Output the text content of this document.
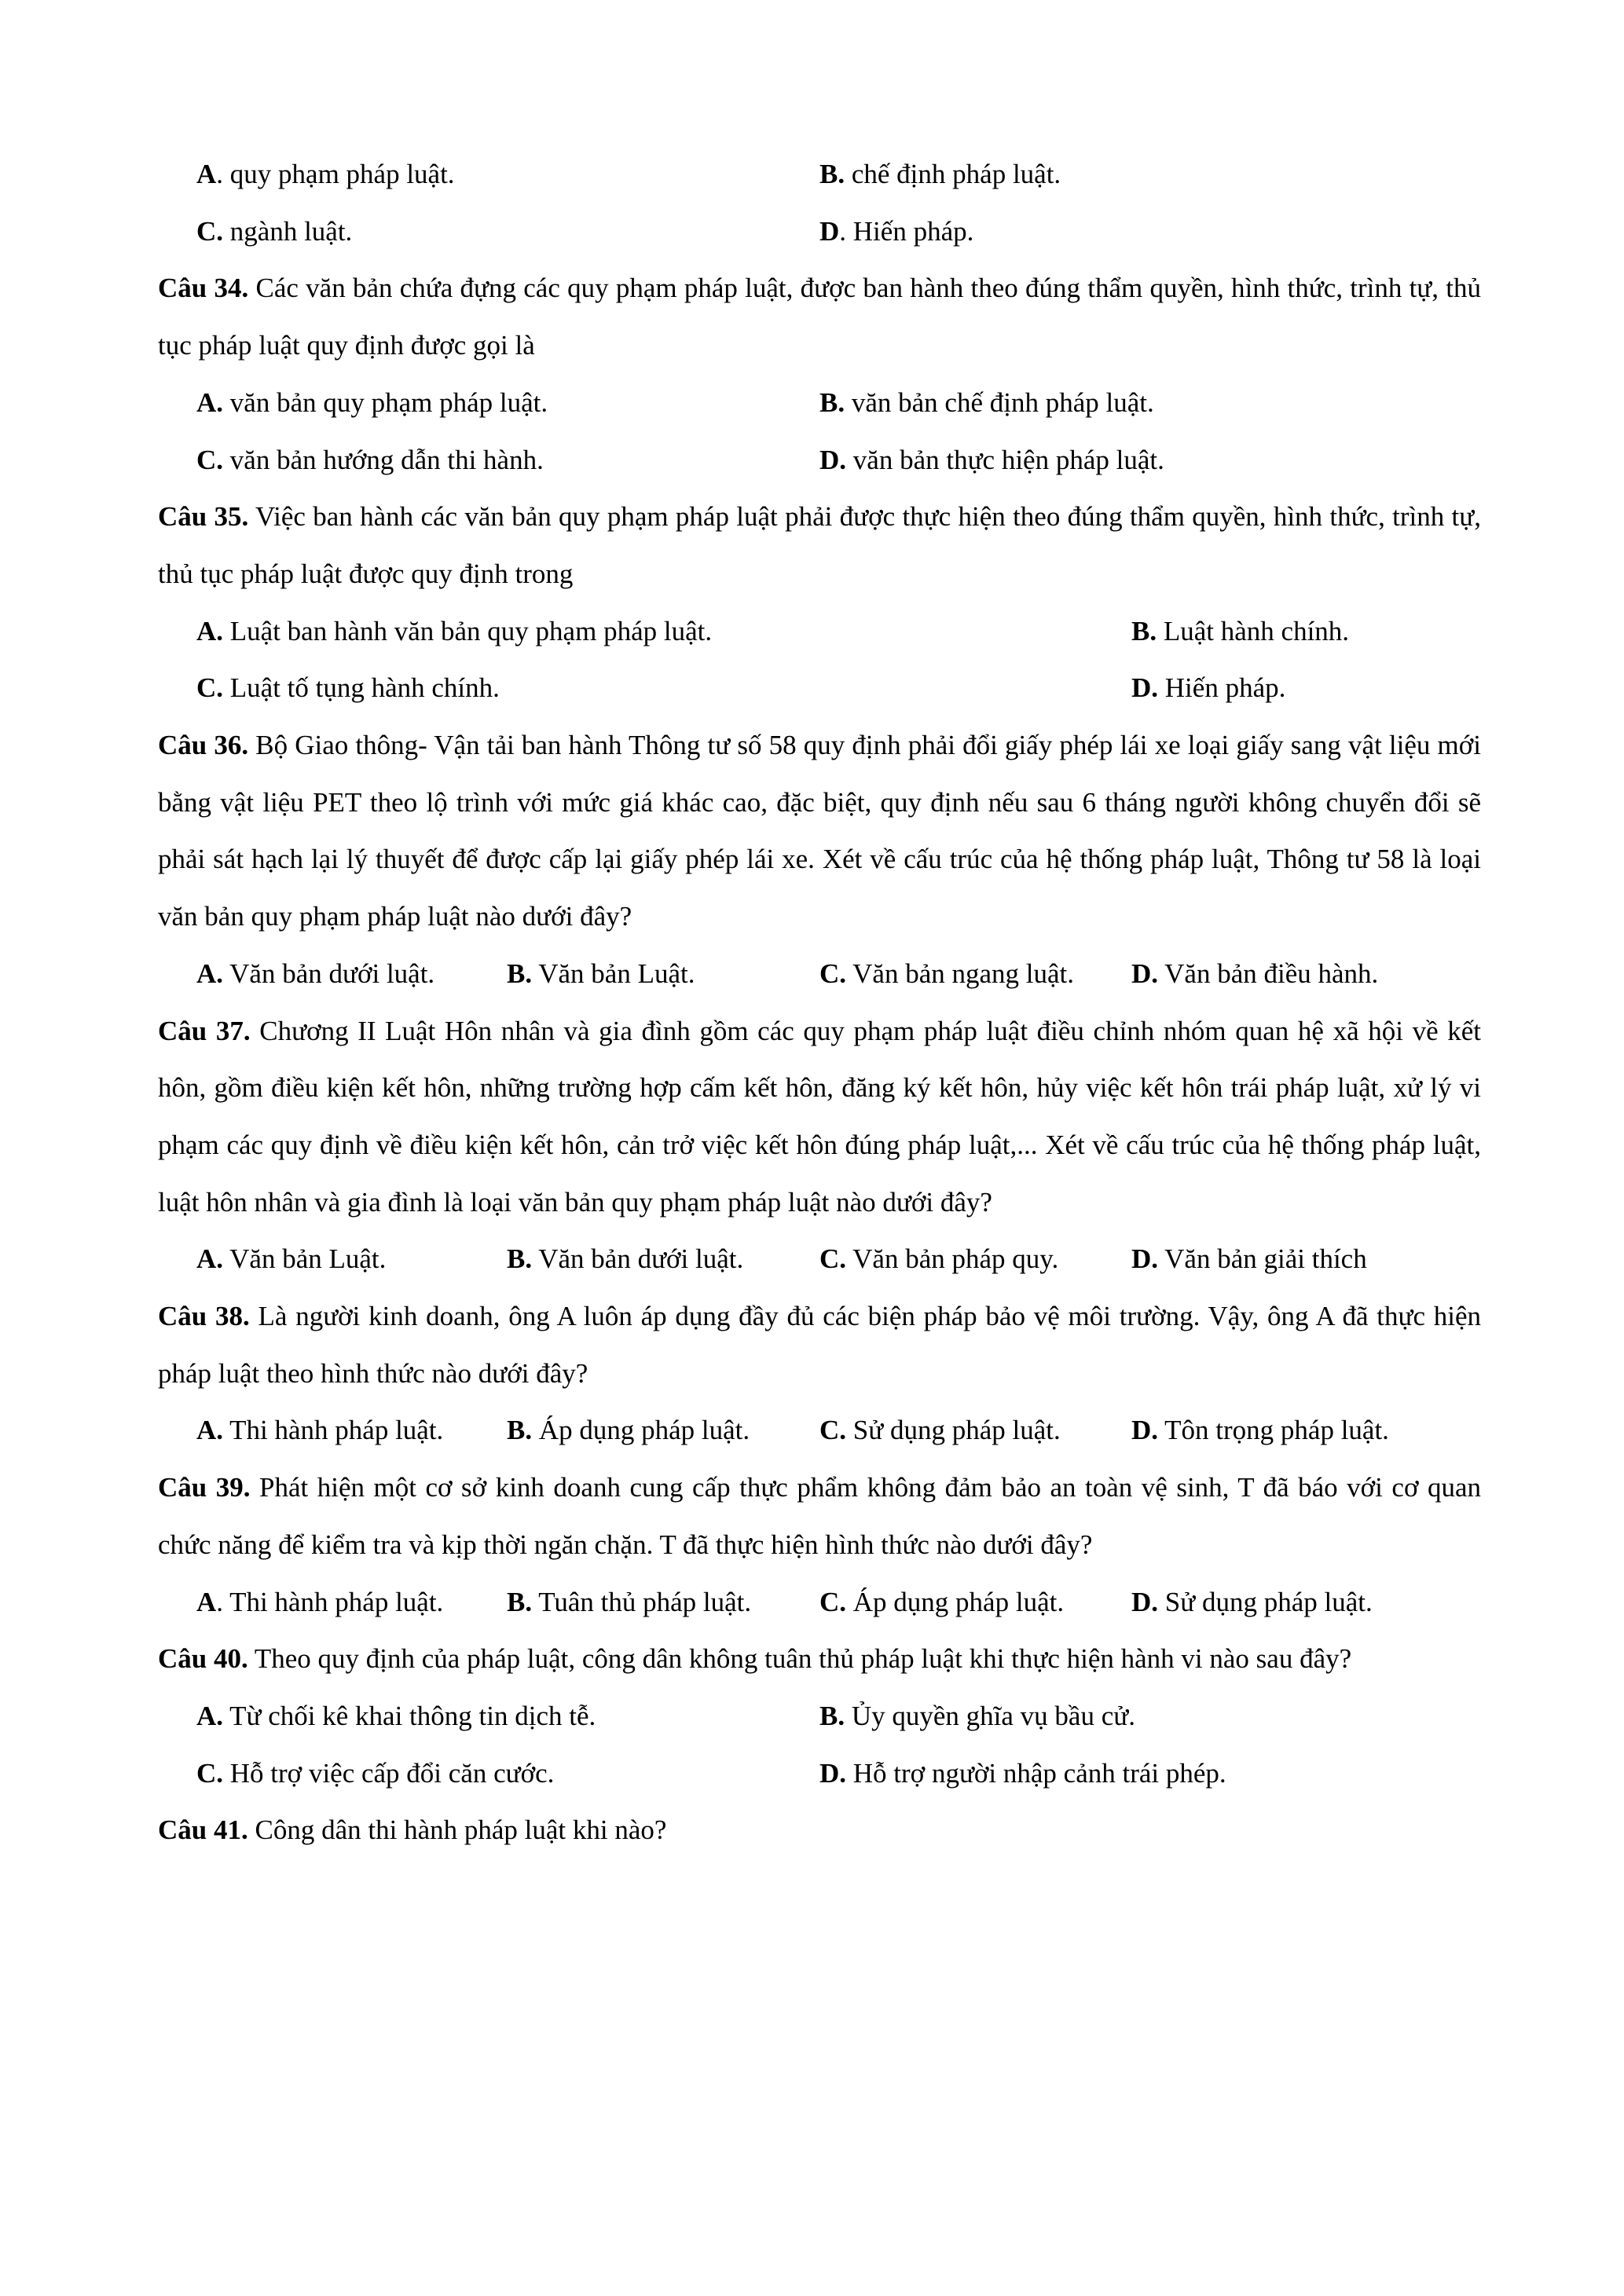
A. quy phạm pháp luật.	B. chế định pháp luật.
C. ngành luật.	D. Hiến pháp.
Câu 34. Các văn bản chứa đựng các quy phạm pháp luật, được ban hành theo đúng thẩm quyền, hình thức, trình tự, thủ tục pháp luật quy định được gọi là
A. văn bản quy phạm pháp luật.	B. văn bản chế định pháp luật.
C. văn bản hướng dẫn thi hành.	D. văn bản thực hiện pháp luật.
Câu 35. Việc ban hành các văn bản quy phạm pháp luật phải được thực hiện theo đúng thẩm quyền, hình thức, trình tự, thủ tục pháp luật được quy định trong
A. Luật ban hành văn bản quy phạm pháp luật.	B. Luật hành chính.
C. Luật tố tụng hành chính.	D. Hiến pháp.
Câu 36. Bộ Giao thông- Vận tải ban hành Thông tư số 58 quy định phải đổi giấy phép lái xe loại giấy sang vật liệu mới bằng vật liệu PET theo lộ trình với mức giá khác cao, đặc biệt, quy định nếu sau 6 tháng người không chuyển đổi sẽ phải sát hạch lại lý thuyết để được cấp lại giấy phép lái xe. Xét về cấu trúc của hệ thống pháp luật, Thông tư 58 là loại văn bản quy phạm pháp luật nào dưới đây?
A. Văn bản dưới luật.	B. Văn bản Luật.	C. Văn bản ngang luật.	D. Văn bản điều hành.
Câu 37. Chương II Luật Hôn nhân và gia đình gồm các quy phạm pháp luật điều chỉnh nhóm quan hệ xã hội về kết hôn, gồm điều kiện kết hôn, những trường hợp cấm kết hôn, đăng ký kết hôn, hủy việc kết hôn trái pháp luật, xử lý vi phạm các quy định về điều kiện kết hôn, cản trở việc kết hôn đúng pháp luật,... Xét về cấu trúc của hệ thống pháp luật, luật hôn nhân và gia đình là loại văn bản quy phạm pháp luật nào dưới đây?
A. Văn bản Luật.	B. Văn bản dưới luật.	C. Văn bản pháp quy.	D. Văn bản giải thích
Câu 38. Là người kinh doanh, ông A luôn áp dụng đầy đủ các biện pháp bảo vệ môi trường. Vậy, ông A đã thực hiện pháp luật theo hình thức nào dưới đây?
A. Thi hành pháp luật.	B. Áp dụng pháp luật.	C. Sử dụng pháp luật.	D. Tôn trọng pháp luật.
Câu 39. Phát hiện một cơ sở kinh doanh cung cấp thực phẩm không đảm bảo an toàn vệ sinh, T đã báo với cơ quan chức năng để kiểm tra và kịp thời ngăn chặn. T đã thực hiện hình thức nào dưới đây?
A. Thi hành pháp luật.	B. Tuân thủ pháp luật.	C. Áp dụng pháp luật.	D. Sử dụng pháp luật.
Câu 40. Theo quy định của pháp luật, công dân không tuân thủ pháp luật khi thực hiện hành vi nào sau đây?
A. Từ chối kê khai thông tin dịch tễ.	B. Ủy quyền ghĩa vụ bầu cử.
C. Hỗ trợ việc cấp đổi căn cước.	D. Hỗ trợ người nhập cảnh trái phép.
Câu 41. Công dân thi hành pháp luật khi nào?
